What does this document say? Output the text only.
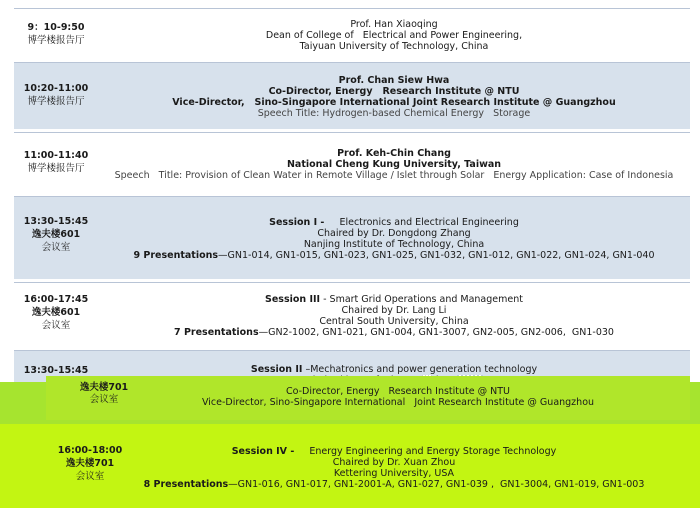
9：10-9:50
博学楼报告厅
Prof. Han Xiaoqing
Dean of College of   Electrical and Power Engineering,
Taiyuan University of Technology, China
10:20-11:00
博学楼报告厅
Prof. Chan Siew Hwa
Co-Director, Energy   Research Institute @ NTU
Vice-Director,   Sino-Singapore International Joint Research Institute @ Guangzhou
Speech Title: Hydrogen-based Chemical Energy   Storage
11:00-11:40
博学楼报告厅
Prof. Keh-Chin Chang
National Cheng Kung University, Taiwan
Speech   Title: Provision of Clean Water in Remote Village / Islet through Solar   Energy Application: Case of Indonesia
13:30-15:45
逸夫楼601
会议室
Session I -     Electronics and Electrical Engineering
Chaired by Dr. Dongdong Zhang
Nanjing Institute of Technology, China
9 Presentations—GN1-014, GN1-015, GN1-023, GN1-025, GN1-032, GN1-012, GN1-022, GN1-024, GN1-040
16:00-17:45
逸夫楼601
会议室
Session III - Smart Grid Operations and Management
Chaired by Dr. Lang Li
Central South University, China
7 Presentations—GN2-1002, GN1-021, GN1-004, GN1-3007, GN2-005, GN2-006,  GN1-030
13:30-15:45	Session II –Mechatronics and power generation technology
逸夫楼701
会议室
Co-Director, Energy   Research Institute @ NTU
Vice-Director, Sino-Singapore International   Joint Research Institute @ Guangzhou
16:00-18:00
逸夫楼701
会议室
Session IV -     Energy Engineering and Energy Storage Technology
Chaired by Dr. Xuan Zhou
Kettering University, USA
8 Presentations—GN1-016, GN1-017, GN1-2001-A, GN1-027, GN1-039 ,  GN1-3004, GN1-019, GN1-003
